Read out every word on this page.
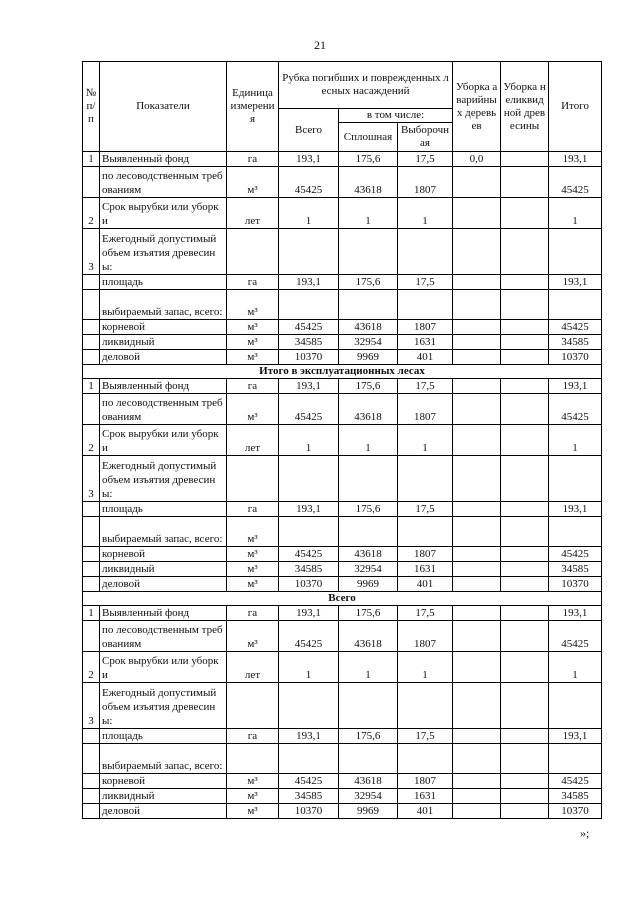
21
№ п/п	Показатели	Единица измерения	Рубка погибших и поврежденных лесных насаждений			Уборка аварийных деревьев	Уборка неликвидной древесины	Итого
			Всего	в том числе:				
				Сплошная	Выборочная			
1	Выявленный фонд	га	193,1	175,6	17,5	0,0		193,1
	по лесоводственным требованиям	м³	45425	43618	1807			45425
2	Срок вырубки или уборки	лет	1	1	1			1
3	Ежегодный допустимый объем изъятия древесины:							
	площадь	га	193,1	175,6	17,5			193,1
	выбираемый запас, всего:	м³						
	корневой	м³	45425	43618	1807			45425
	ликвидный	м³	34585	32954	1631			34585
	деловой	м³	10370	9969	401			10370
Итого в эксплуатационных лесах								
1	Выявленный фонд	га	193,1	175,6	17,5			193,1
	по лесоводственным требованиям	м³	45425	43618	1807			45425
2	Срок вырубки или уборки	лет	1	1	1			1
3	Ежегодный допустимый объем изъятия древесины:							
	площадь	га	193,1	175,6	17,5			193,1
	выбираемый запас, всего:	м³						
	корневой	м³	45425	43618	1807			45425
	ликвидный	м³	34585	32954	1631			34585
	деловой	м³	10370	9969	401			10370
Всего								
1	Выявленный фонд	га	193,1	175,6	17,5			193,1
	по лесоводственным требованиям	м³	45425	43618	1807			45425
2	Срок вырубки или уборки	лет	1	1	1			1
3	Ежегодный допустимый объем изъятия древесины:							
	площадь	га	193,1	175,6	17,5			193,1
	выбираемый запас, всего:							
	корневой	м³	45425	43618	1807			45425
	ликвидный	м³	34585	32954	1631			34585
	деловой	м³	10370	9969	401			10370
»;
